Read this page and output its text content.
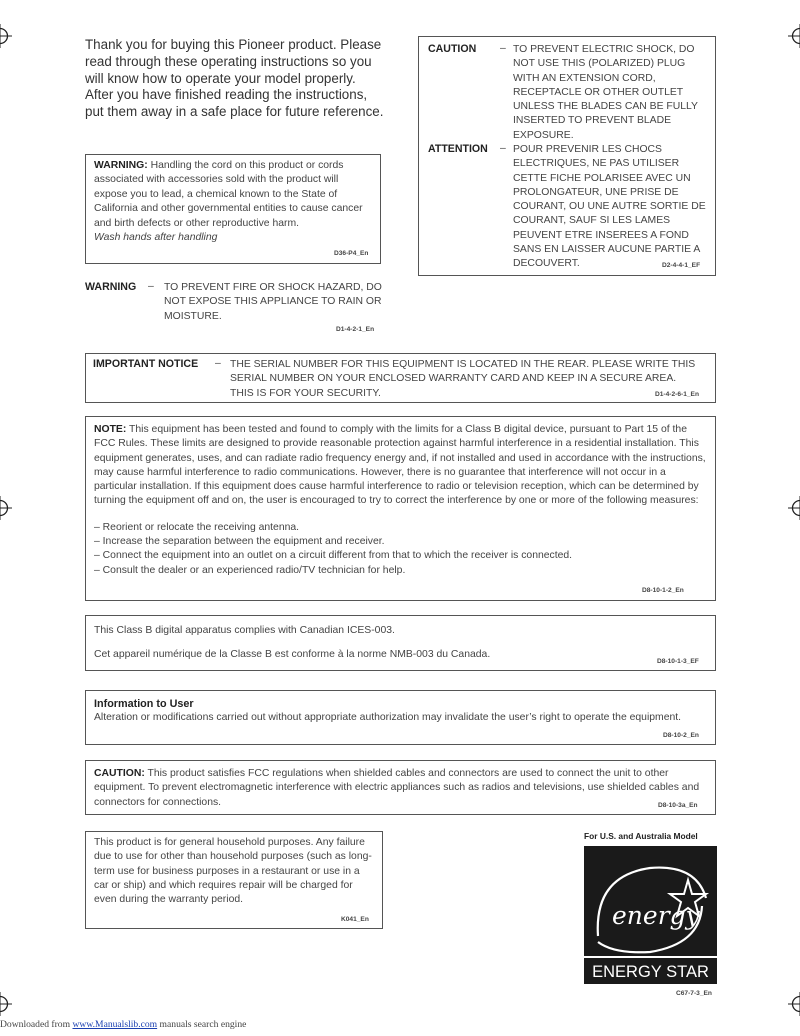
Thank you for buying this Pioneer product. Please read through these operating instructions so you will know how to operate your model properly. After you have finished reading the instructions, put them away in a safe place for future reference.

WARNING: Handling the cord on this product or cords associated with accessories sold with the product will expose you to lead, a chemical known to the State of California and other governmental entities to cause cancer and birth defects or other reproductive harm.
Wash hands after handling

D36-P4_En
CAUTION – TO PREVENT ELECTRIC SHOCK, DO NOT USE THIS (POLARIZED) PLUG WITH AN EXTENSION CORD, RECEPTACLE OR OTHER OUTLET UNLESS THE BLADES CAN BE FULLY INSERTED TO PREVENT BLADE EXPOSURE.

ATTENTION – POUR PREVENIR LES CHOCS ELECTRIQUES, NE PAS UTILISER CETTE FICHE POLARISEE AVEC UN PROLONGATEUR, UNE PRISE DE COURANT, OU UNE AUTRE SORTIE DE COURANT, SAUF SI LES LAMES PEUVENT ETRE INSEREES A FOND SANS EN LAISSER AUCUNE PARTIE A DECOUVERT.	D2-4-4-1_EF
WARNING – TO PREVENT FIRE OR SHOCK HAZARD, DO NOT EXPOSE THIS APPLIANCE TO RAIN OR MOISTURE.

D1-4-2-1_En
IMPORTANT NOTICE – THE SERIAL NUMBER FOR THIS EQUIPMENT IS LOCATED IN THE REAR. PLEASE WRITE THIS SERIAL NUMBER ON YOUR ENCLOSED WARRANTY CARD AND KEEP IN A SECURE AREA. THIS IS FOR YOUR SECURITY.	D1-4-2-6-1_En

NOTE: This equipment has been tested and found to comply with the limits for a Class B digital device, pursuant to Part 15 of the FCC Rules. These limits are designed to provide reasonable protection against harmful interference in a residential installation. This equipment generates, uses, and can radiate radio frequency energy and, if not installed and used in accordance with the instructions, may cause harmful interference to radio communications. However, there is no guarantee that interference will not occur in a particular installation. If this equipment does cause harmful interference to radio or television reception, which can be determined by turning the equipment off and on, the user is encouraged to try to correct the interference by one or more of the following measures:

– Reorient or relocate the receiving antenna.
– Increase the separation between the equipment and receiver.
– Connect the equipment into an outlet on a circuit different from that to which the receiver is connected.
– Consult the dealer or an experienced radio/TV technician for help.
D8-10-1-2_En

This Class B digital apparatus complies with Canadian ICES-003.

Cet appareil numérique de la Classe B est conforme à la norme NMB-003 du Canada.

D8-10-1-3_EF

Information to User

Alteration or modifications carried out without appropriate authorization may invalidate the user’s right to operate the equipment.

D8-10-2_En

CAUTION: This product satisfies FCC regulations when shielded cables and connectors are used to connect the unit to other equipment. To prevent electromagnetic interference with electric appliances such as radios and televisions, use shielded cables and connectors for connections.	D8-10-3a_En

This product is for general household purposes. Any failure due to use for other than household purposes (such as long-term use for business purposes in a restaurant or use in a car or ship) and which requires repair will be charged for even during the warranty period.

K041_En
For U.S. and Australia Model
energy
ENERGY STAR
C67-7-3_En
Downloaded from www.Manualslib.com manuals search engine
